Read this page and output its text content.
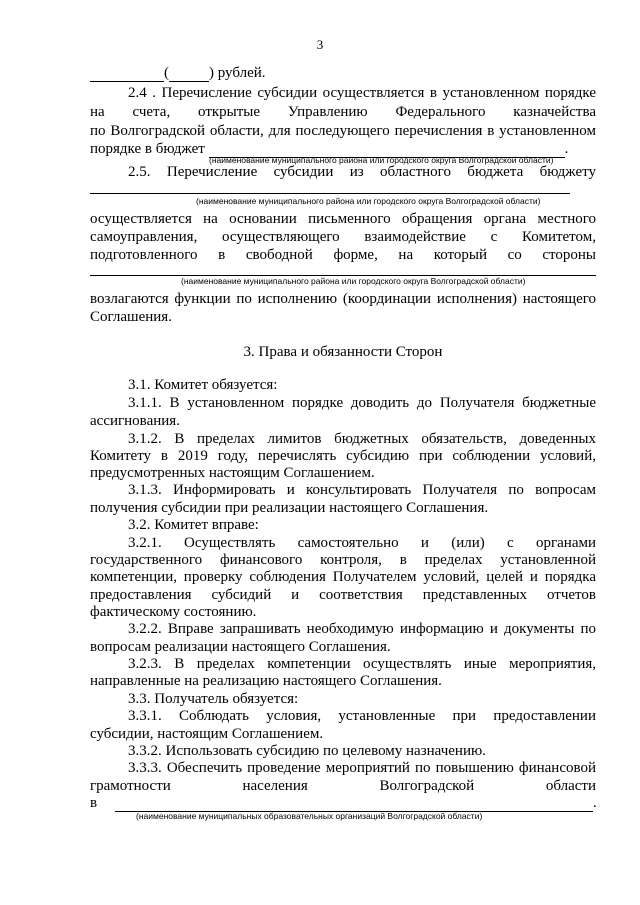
3
(	) рублей.
2.4 . Перечисление субсидии осуществляется в установленном порядке
на счета, открытые Управлению Федерального казначейства
по Волгоградской области, для последующего перечисления в установленном
порядке в бюджет	.
(наименование муниципального района или городского округа Волгоградской области)
2.5. Перечисление субсидии из областного бюджета бюджету
(наименование муниципального района или городского округа Волгоградской области)
осуществляется на основании письменного обращения органа местного
самоуправления, осуществляющего взаимодействие с Комитетом,
подготовленного в свободной форме, на который со стороны
(наименование муниципального района или городского округа Волгоградской области)
возлагаются функции по исполнению (координации исполнения) настоящего
Соглашения.
3. Права и обязанности Сторон
3.1. Комитет обязуется:
3.1.1. В установленном порядке доводить до Получателя бюджетные
ассигнования.
3.1.2. В пределах лимитов бюджетных обязательств, доведенных
Комитету в 2019 году, перечислять субсидию при соблюдении условий,
предусмотренных настоящим Соглашением.
3.1.3. Информировать и консультировать Получателя по вопросам
получения субсидии при реализации настоящего Соглашения.
3.2. Комитет вправе:
3.2.1. Осуществлять самостоятельно и (или) с органами
государственного финансового контроля, в пределах установленной
компетенции, проверку соблюдения Получателем условий, целей и порядка
предоставления субсидий и соответствия представленных отчетов
фактическому состоянию.
3.2.2. Вправе запрашивать необходимую информацию и документы по
вопросам реализации настоящего Соглашения.
3.2.3. В пределах компетенции осуществлять иные мероприятия,
направленные на реализацию настоящего Соглашения.
3.3. Получатель обязуется:
3.3.1. Соблюдать условия, установленные при предоставлении
субсидии, настоящим Соглашением.
3.3.2. Использовать субсидию по целевому назначению.
3.3.3. Обеспечить проведение мероприятий по повышению финансовой
грамотности населения Волгоградской области
в	.
(наименование муниципальных образовательных организаций Волгоградской области)
